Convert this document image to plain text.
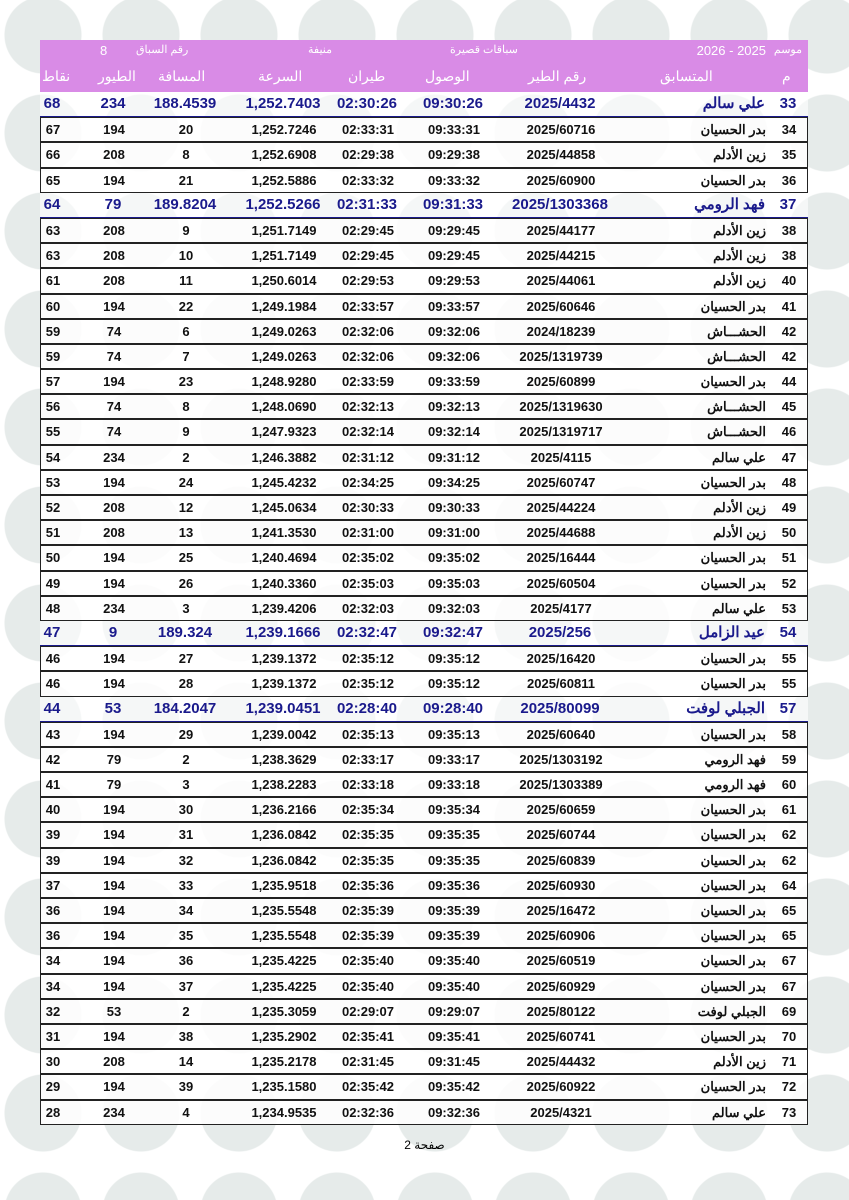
موسم
2026 - 2025
سباقات قصيرة
منيفة
رقم السباق
8
م
المتسابق
رقم الطير
الوصول
طيران
السرعة
المسافة
الطيور
نقاط
33
علي سالم
2025/4432
09:30:26
02:30:26
1,252.7403
188.4539
234
68
34
بدر الحسيان
2025/60716
09:33:31
02:33:31
1,252.7246
20
194
67
35
زين الأدلم
2025/44858
09:29:38
02:29:38
1,252.6908
8
208
66
36
بدر الحسيان
2025/60900
09:33:32
02:33:32
1,252.5886
21
194
65
37
فهد الرومي
2025/1303368
09:31:33
02:31:33
1,252.5266
189.8204
79
64
38
زين الأدلم
2025/44177
09:29:45
02:29:45
1,251.7149
9
208
63
38
زين الأدلم
2025/44215
09:29:45
02:29:45
1,251.7149
10
208
63
40
زين الأدلم
2025/44061
09:29:53
02:29:53
1,250.6014
11
208
61
41
بدر الحسيان
2025/60646
09:33:57
02:33:57
1,249.1984
22
194
60
42
الحشـــاش
2024/18239
09:32:06
02:32:06
1,249.0263
6
74
59
42
الحشـــاش
2025/1319739
09:32:06
02:32:06
1,249.0263
7
74
59
44
بدر الحسيان
2025/60899
09:33:59
02:33:59
1,248.9280
23
194
57
45
الحشـــاش
2025/1319630
09:32:13
02:32:13
1,248.0690
8
74
56
46
الحشـــاش
2025/1319717
09:32:14
02:32:14
1,247.9323
9
74
55
47
علي سالم
2025/4115
09:31:12
02:31:12
1,246.3882
2
234
54
48
بدر الحسيان
2025/60747
09:34:25
02:34:25
1,245.4232
24
194
53
49
زين الأدلم
2025/44224
09:30:33
02:30:33
1,245.0634
12
208
52
50
زين الأدلم
2025/44688
09:31:00
02:31:00
1,241.3530
13
208
51
51
بدر الحسيان
2025/16444
09:35:02
02:35:02
1,240.4694
25
194
50
52
بدر الحسيان
2025/60504
09:35:03
02:35:03
1,240.3360
26
194
49
53
علي سالم
2025/4177
09:32:03
02:32:03
1,239.4206
3
234
48
54
عيد الزامل
2025/256
09:32:47
02:32:47
1,239.1666
189.324
9
47
55
بدر الحسيان
2025/16420
09:35:12
02:35:12
1,239.1372
27
194
46
55
بدر الحسيان
2025/60811
09:35:12
02:35:12
1,239.1372
28
194
46
57
الجبلي لوفت
2025/80099
09:28:40
02:28:40
1,239.0451
184.2047
53
44
58
بدر الحسيان
2025/60640
09:35:13
02:35:13
1,239.0042
29
194
43
59
فهد الرومي
2025/1303192
09:33:17
02:33:17
1,238.3629
2
79
42
60
فهد الرومي
2025/1303389
09:33:18
02:33:18
1,238.2283
3
79
41
61
بدر الحسيان
2025/60659
09:35:34
02:35:34
1,236.2166
30
194
40
62
بدر الحسيان
2025/60744
09:35:35
02:35:35
1,236.0842
31
194
39
62
بدر الحسيان
2025/60839
09:35:35
02:35:35
1,236.0842
32
194
39
64
بدر الحسيان
2025/60930
09:35:36
02:35:36
1,235.9518
33
194
37
65
بدر الحسيان
2025/16472
09:35:39
02:35:39
1,235.5548
34
194
36
65
بدر الحسيان
2025/60906
09:35:39
02:35:39
1,235.5548
35
194
36
67
بدر الحسيان
2025/60519
09:35:40
02:35:40
1,235.4225
36
194
34
67
بدر الحسيان
2025/60929
09:35:40
02:35:40
1,235.4225
37
194
34
69
الجبلي لوفت
2025/80122
09:29:07
02:29:07
1,235.3059
2
53
32
70
بدر الحسيان
2025/60741
09:35:41
02:35:41
1,235.2902
38
194
31
71
زين الأدلم
2025/44432
09:31:45
02:31:45
1,235.2178
14
208
30
72
بدر الحسيان
2025/60922
09:35:42
02:35:42
1,235.1580
39
194
29
73
علي سالم
2025/4321
09:32:36
02:32:36
1,234.9535
4
234
28
صفحة 2
